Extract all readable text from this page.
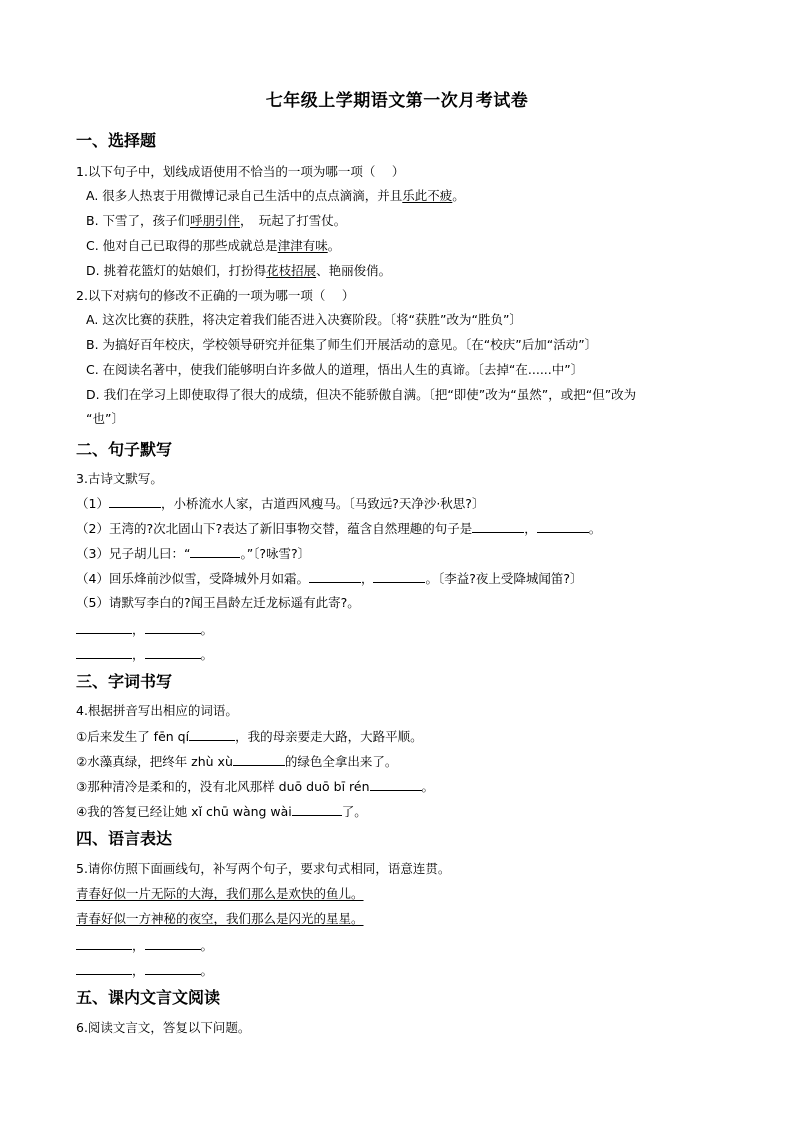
七年级上学期语文第一次月考试卷
一、选择题
1.以下句子中，划线成语使用不恰当的一项为哪一项（　 ）
A. 很多人热衷于用微博记录自己生活中的点点滴滴，并且乐此不疲。
B. 下雪了，孩子们呼朋引伴，　玩起了打雪仗。
C. 他对自己已取得的那些成就总是津津有味。
D. 挑着花篮灯的姑娘们，打扮得花枝招展、艳丽俊俏。
2.以下对病句的修改不正确的一项为哪一项（　 ）
A. 这次比赛的获胜，将决定着我们能否进入决赛阶段。〔将“获胜”改为“胜负”〕
B. 为搞好百年校庆，学校领导研究并征集了师生们开展活动的意见。〔在“校庆”后加“活动”〕
C. 在阅读名著中，使我们能够明白许多做人的道理，悟出人生的真谛。〔去掉“在......中”〕
D. 我们在学习上即使取得了很大的成绩，但决不能骄傲自满。〔把“即使”改为“虽然”，或把“但”改为
“也”〕
二、句子默写
3.古诗文默写。
（1）	，小桥流水人家，古道西风瘦马。〔马致远?天净沙·秋思?〕
（2）王湾的?次北固山下?表达了新旧事物交替，蕴含自然理趣的句子是	，	。
（3）兄子胡儿曰：“	。”〔?咏雪?〕
（4）回乐烽前沙似雪，受降城外月如霜。	，	。〔李益?夜上受降城闻笛?〕
（5）请默写李白的?闻王昌龄左迁龙标遥有此寄?。
，	。
，	。
三、字词书写
4.根据拼音写出相应的词语。
①后来发生了 fēn qí	，我的母亲要走大路，大路平顺。
②水藻真绿，把终年 zhù xù	的绿色全拿出来了。
③那种清冷是柔和的，没有北风那样 duō duō bī rén	。
④我的答复已经让她 xǐ chū wàng wài	了。
四、语言表达
5.请你仿照下面画线句，补写两个句子，要求句式相同，语意连贯。
青春好似一片无际的大海，我们那么是欢快的鱼儿。
青春好似一方神秘的夜空，我们那么是闪光的星星。
，	。
，	。
五、课内文言文阅读
6.阅读文言文，答复以下问题。
